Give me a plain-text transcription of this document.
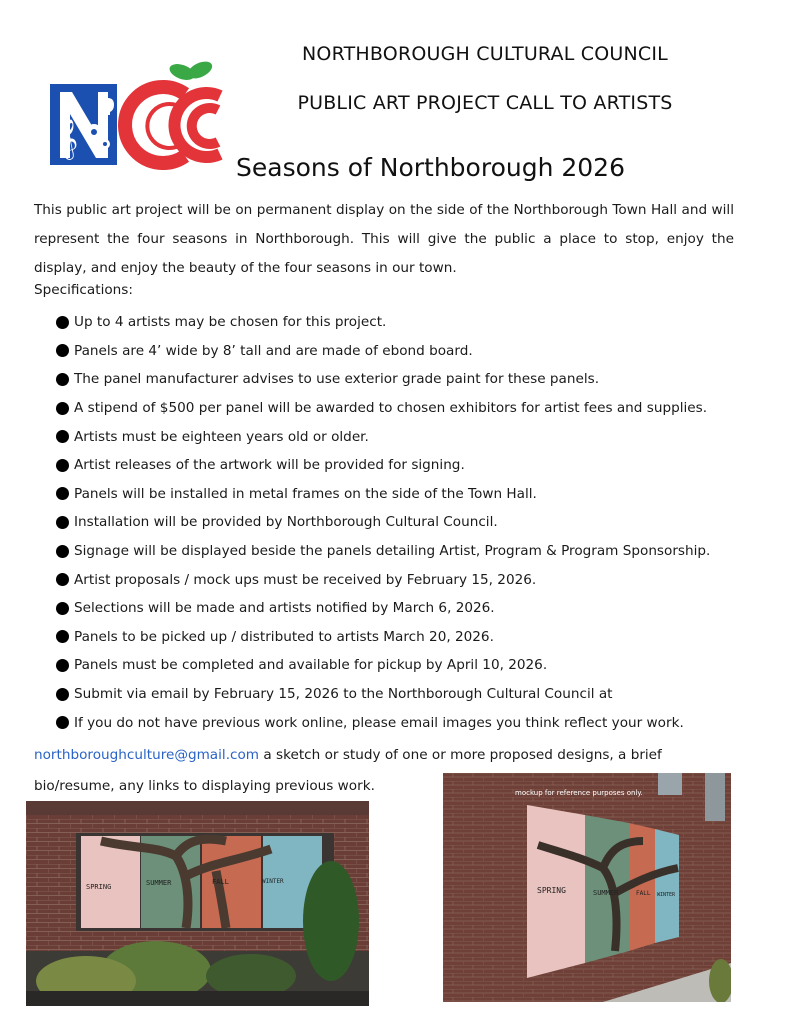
𝄞
NORTHBOROUGH CULTURAL COUNCIL
PUBLIC ART PROJECT CALL TO ARTISTS
Seasons of Northborough 2026
This public art project will be on permanent display on the side of the Northborough Town Hall and will represent the four seasons in Northborough. This will give the public a place to stop, enjoy the display, and enjoy the beauty of the four seasons in our town.
Specifications:
Up to 4 artists may be chosen for this project.
Panels are 4’ wide by 8’ tall and are made of ebond board.
The panel manufacturer advises to use exterior grade paint for these panels.
A stipend of $500 per panel will be awarded to chosen exhibitors for artist fees and supplies.
Artists must be eighteen years old or older.
Artist releases of the artwork will be provided for signing.
Panels will be installed in metal frames on the side of the Town Hall.
Installation will be provided by Northborough Cultural Council.
Signage will be displayed beside the panels detailing Artist, Program & Program Sponsorship.
Artist proposals / mock ups must be received by February 15, 2026.
Selections will be made and artists notified by March 6, 2026.
Panels to be picked up / distributed to artists March 20, 2026.
Panels must be completed and available for pickup by April 10, 2026.
Submit via email by February 15, 2026 to the Northborough Cultural Council at
If you do not have previous work online, please email images you think reflect your work.
northboroughculture@gmail.com a sketch or study of one or more proposed designs, a brief
bio/resume, any links to displaying previous work.
SPRING	SUMMER	FALL	WINTER
SPRING	SUMMER	FALL WINTER
mockup for reference purposes only.
